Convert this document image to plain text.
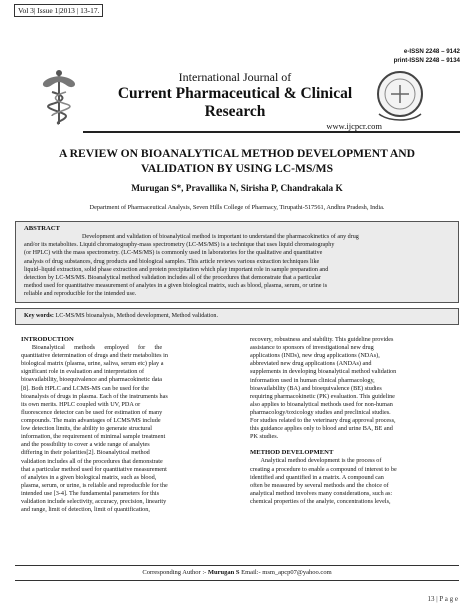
Vol 3| Issue 1|2013 | 13-17.
e-ISSN 2248 – 9142
print-ISSN 2248 – 9134
International Journal of
Current Pharmaceutical & Clinical
Research
www.ijcpcr.com
A REVIEW ON BIOANALYTICAL METHOD DEVELOPMENT AND
VALIDATION BY USING LC-MS/MS
Murugan S*, Pravallika N, Sirisha P, Chandrakala K
Department of Pharmaceutical Analysis, Seven Hills College of Pharmacy, Tirupathi-517561, Andhra Pradesh, India.
ABSTRACT
Development and validation of bioanalytical method is important to understand the pharmacokinetics of any drug
and/or its metabolites. Liquid chromatography-mass spectrometry (LC-MS/MS) is a technique that uses liquid chromatography
(or HPLC) with the mass spectrometry. (LC-MS/MS) is commonly used in laboratories for the qualitative and quantitative
analysis of drug substances, drug products and biological samples. This article reviews various extraction techniques like
liquid–liquid extraction, solid phase extraction and protein precipitation which play important role in sample preparation and
detection by LC-MS/MS. Bioanalytical method validation includes all of the procedures that demonstrate that a particular
method used for quantitative measurement of analytes in a given biological matrix, such as blood, plasma, serum, or urine is
reliable and reproducible for the intended use.
Key words: LC-MS/MS bioanalysis, Method development, Method validation.
INTRODUCTION
Bioanalytical      methods      employed      for      the
quantitative determination of drugs and their metabolites in
biological matrix (plasma, urine, saliva, serum etc) play a
significant role in evaluation and interpretation of
bioavailability, bioequivalence and pharmacokinetic data
[8]. Both HPLC and LCMS-MS can be used for the
bioanalysis of drugs in plasma. Each of the instruments has
its own merits. HPLC coupled with UV, PDA or
fluorescence detector can be used for estimation of many
compounds. The main advantages of LCMS/MS include
low detection limits, the ability to generate structural
information, the requirement of minimal sample treatment
and the possibility to cover a wide range of analytes
differing in their polarities[2]. Bioanalytical method
validation includes all of the procedures that demonstrate
that a particular method used for quantitative measurement
of analytes in a given biological matrix, such as blood,
plasma, serum, or urine, is reliable and reproducible for the
intended use [3-4]. The fundamental parameters for this
validation include selectivity, accuracy, precision, linearity
and range, limit of detection, limit of quantification,
recovery, robustness and stability. This guideline provides
assistance to sponsors of investigational new drug
applications (INDs), new drug applications (NDAs),
abbreviated new drug applications (ANDAs) and
supplements in developing bioanalytical method validation
information used in human clinical pharmacology,
bioavailability (BA) and bioequivalence (BE) studies
requiring pharmacokinetic (PK) evaluation. This guideline
also applies to bioanalytical methods used for non-human
pharmacology/toxicology studies and preclinical studies.
For studies related to the veterinary drug approval process,
this guidance applies only to blood and urine BA, BE and
PK studies.
METHOD DEVELOPMENT
Analytical method development is the process of
creating a procedure to enable a compound of interest to be
identified and quantified in a matrix. A compound can
often be measured by several methods and the choice of
analytical method involves many considerations, such as:
chemical properties of the analyte, concentrations levels,
Corresponding Author :- Murugan S Email:- msm_apcp07@yahoo.com
13 | P a g e
